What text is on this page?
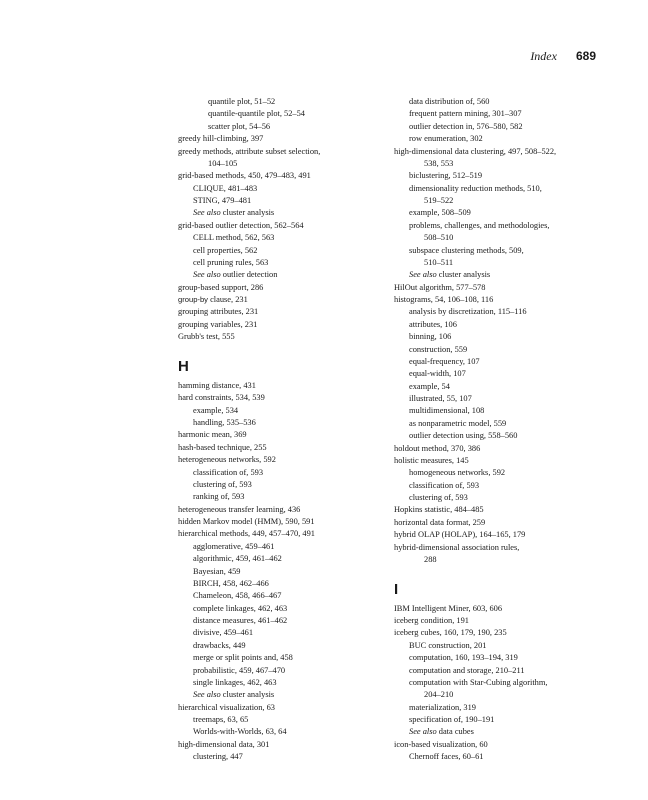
Index 689
quantile plot, 51–52
quantile-quantile plot, 52–54
scatter plot, 54–56
greedy hill-climbing, 397
greedy methods, attribute subset selection,
104–105
grid-based methods, 450, 479–483, 491
CLIQUE, 481–483
STING, 479–481
See also cluster analysis
grid-based outlier detection, 562–564
CELL method, 562, 563
cell properties, 562
cell pruning rules, 563
See also outlier detection
group-based support, 286
group-by clause, 231
grouping attributes, 231
grouping variables, 231
Grubb's test, 555
H
hamming distance, 431
hard constraints, 534, 539
example, 534
handling, 535–536
harmonic mean, 369
hash-based technique, 255
heterogeneous networks, 592
classification of, 593
clustering of, 593
ranking of, 593
heterogeneous transfer learning, 436
hidden Markov model (HMM), 590, 591
hierarchical methods, 449, 457–470, 491
agglomerative, 459–461
algorithmic, 459, 461–462
Bayesian, 459
BIRCH, 458, 462–466
Chameleon, 458, 466–467
complete linkages, 462, 463
distance measures, 461–462
divisive, 459–461
drawbacks, 449
merge or split points and, 458
probabilistic, 459, 467–470
single linkages, 462, 463
See also cluster analysis
hierarchical visualization, 63
treemaps, 63, 65
Worlds-with-Worlds, 63, 64
high-dimensional data, 301
clustering, 447
data distribution of, 560
frequent pattern mining, 301–307
outlier detection in, 576–580, 582
row enumeration, 302
high-dimensional data clustering, 497, 508–522,
538, 553
biclustering, 512–519
dimensionality reduction methods, 510,
519–522
example, 508–509
problems, challenges, and methodologies,
508–510
subspace clustering methods, 509,
510–511
See also cluster analysis
HilOut algorithm, 577–578
histograms, 54, 106–108, 116
analysis by discretization, 115–116
attributes, 106
binning, 106
construction, 559
equal-frequency, 107
equal-width, 107
example, 54
illustrated, 55, 107
multidimensional, 108
as nonparametric model, 559
outlier detection using, 558–560
holdout method, 370, 386
holistic measures, 145
homogeneous networks, 592
classification of, 593
clustering of, 593
Hopkins statistic, 484–485
horizontal data format, 259
hybrid OLAP (HOLAP), 164–165, 179
hybrid-dimensional association rules,
288
I
IBM Intelligent Miner, 603, 606
iceberg condition, 191
iceberg cubes, 160, 179, 190, 235
BUC construction, 201
computation, 160, 193–194, 319
computation and storage, 210–211
computation with Star-Cubing algorithm,
204–210
materialization, 319
specification of, 190–191
See also data cubes
icon-based visualization, 60
Chernoff faces, 60–61
